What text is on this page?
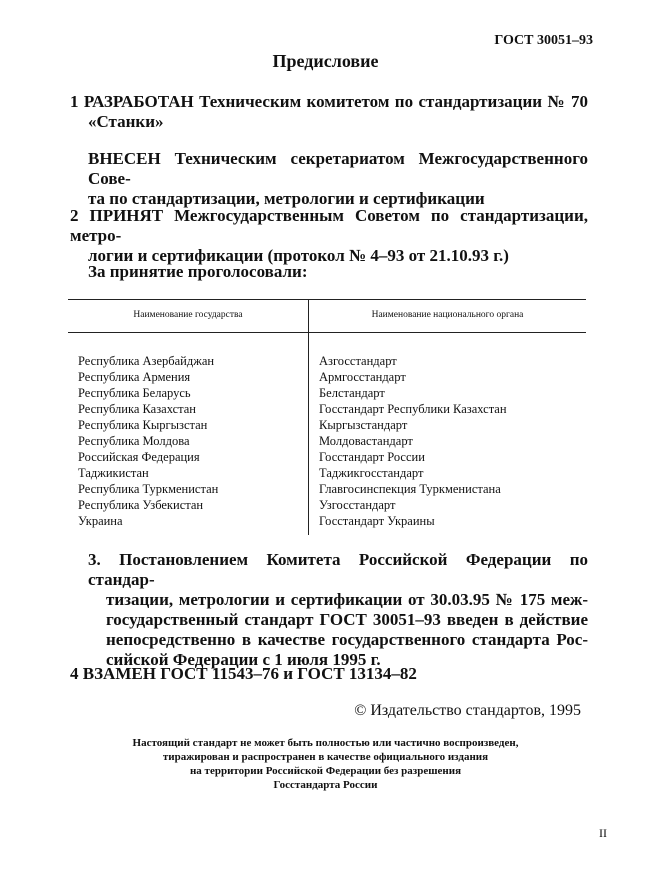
ГОСТ 30051–93
Предисловие
1 РАЗРАБОТАН Техническим комитетом по стандартизации № 70
«Станки»
ВНЕСЕН Техническим секретариатом Межгосударственного Сове-
та по стандартизации, метрологии и сертификации
2 ПРИНЯТ Межгосударственным Советом по стандартизации, метро-
логии и сертификации (протокол № 4–93 от 21.10.93 г.)
За принятие проголосовали:
Наименование государства	Наименование национального органа

Республика Азербайджан	Азгосстандарт
Республика Армения	Армгосстандарт
Республика Беларусь	Белстандарт
Республика Казахстан	Госстандарт Республики Казахстан
Республика Кыргызстан	Кыргызстандарт
Республика Молдова	Молдовастандарт
Российская Федерация	Госстандарт России
Таджикистан	Таджикгосстандарт
Республика Туркменистан	Главгосинспекция Туркменистана
Республика Узбекистан	Узгосстандарт
Украина	Госстандарт Украины
3. Постановлением Комитета Российской Федерации по стандар-
тизации, метрологии и сертификации от 30.03.95 № 175 меж-
государственный стандарт ГОСТ 30051–93 введен в действие
непосредственно в качестве государственного стандарта Рос-
сийской Федерации с 1 июля 1995 г.
4 ВЗАМЕН ГОСТ 11543–76 и ГОСТ 13134–82
© Издательство стандартов, 1995
Настоящий стандарт не может быть полностью или частично воспроизведен,
тиражирован и распространен в качестве официального издания
на территории Российской Федерации без разрешения
Госстандарта России
II
